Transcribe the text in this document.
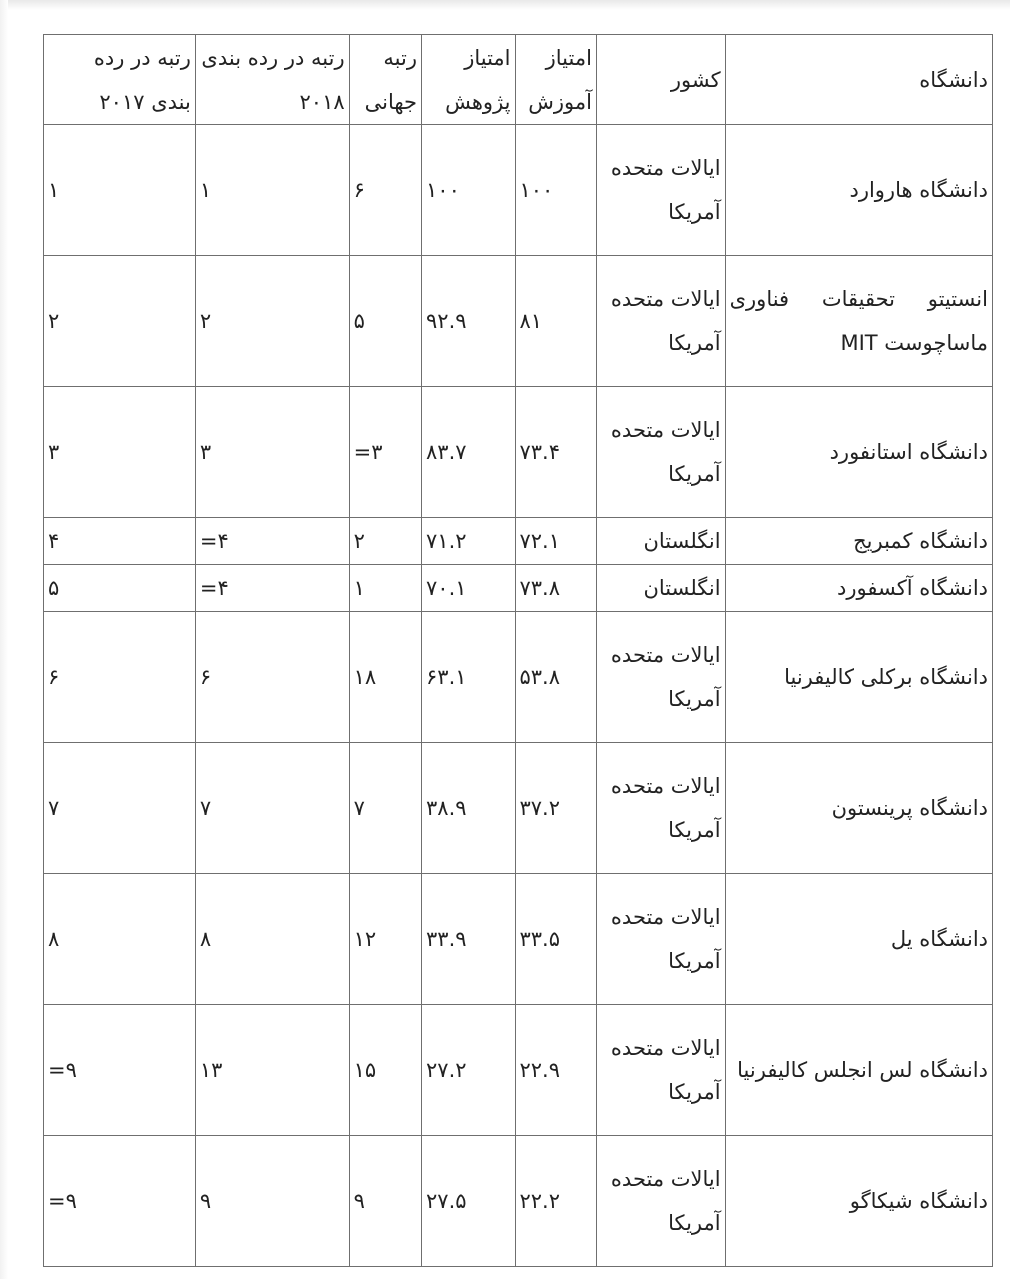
دانشگاه	کشور	امتیاز آموزش	امتیاز پژوهش	رتبه جهانی	رتبه در رده بندی ۲۰۱۸	رتبه در رده بندی ۲۰۱۷
دانشگاه هاروارد	ایالات متحده آمریکا	۱۰۰	۱۰۰	۶	۱	۱
انستیتو تحقیقات فناوری ماساچوست MIT	ایالات متحده آمریکا	۸۱	۹۲.۹	۵	۲	۲
دانشگاه استانفورد	ایالات متحده آمریکا	۷۳.۴	۸۳.۷	۳=	۳	۳
دانشگاه کمبریج	انگلستان	۷۲.۱	۷۱.۲	۲	۴=	۴
دانشگاه آکسفورد	انگلستان	۷۳.۸	۷۰.۱	۱	۴=	۵
دانشگاه برکلی کالیفرنیا	ایالات متحده آمریکا	۵۳.۸	۶۳.۱	۱۸	۶	۶
دانشگاه پرینستون	ایالات متحده آمریکا	۳۷.۲	۳۸.۹	۷	۷	۷
دانشگاه یل	ایالات متحده آمریکا	۳۳.۵	۳۳.۹	۱۲	۸	۸
دانشگاه لس انجلس کالیفرنیا	ایالات متحده آمریکا	۲۲.۹	۲۷.۲	۱۵	۱۳	۹=
دانشگاه شیکاگو	ایالات متحده آمریکا	۲۲.۲	۲۷.۵	۹	۹	۹=
